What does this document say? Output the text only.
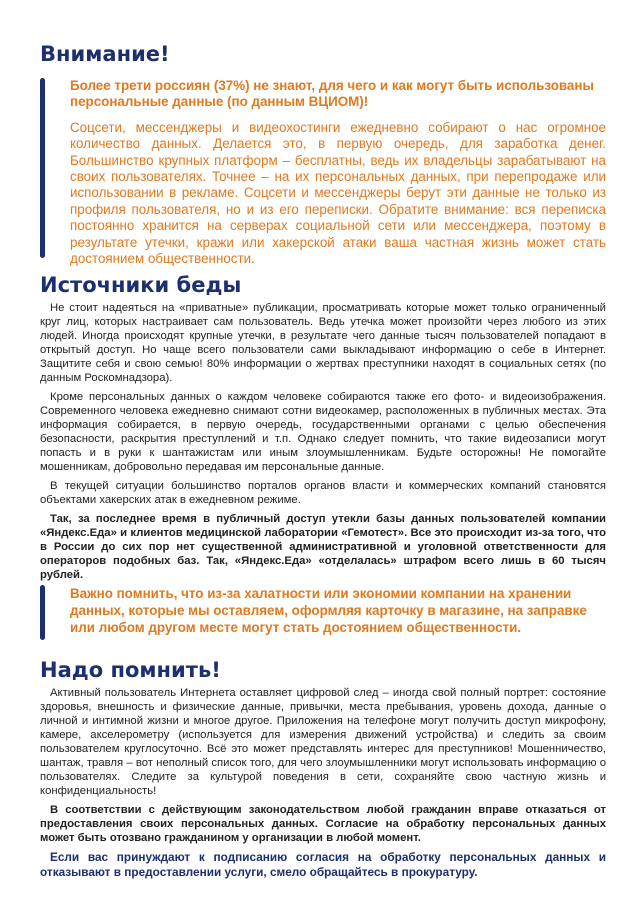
Внимание!

Более трети россиян (37%) не знают, для чего и как могут быть использованы персональные данные (по данным ВЦИОМ)!

Соцсети, мессенджеры и видеохостинги ежедневно собирают о нас огромное количество данных. Делается это, в первую очередь, для заработка денег. Большинство крупных платформ – бесплатны, ведь их владельцы зарабатывают на своих пользователях. Точнее – на их персональных данных, при перепродаже или использовании в рекламе. Соцсети и мессенджеры берут эти данные не только из профиля пользователя, но и из его переписки. Обратите внимание: вся переписка постоянно хранится на серверах социальной сети или мессенджера, поэтому в результате утечки, кражи или хакерской атаки ваша частная жизнь может стать достоянием общественности.

Источники беды

Не стоит надеяться на «приватные» публикации, просматривать которые может только ограниченный круг лиц, которых настраивает сам пользователь. Ведь утечка может произойти через любого из этих людей. Иногда происходят крупные утечки, в результате чего данные тысяч пользователей попадают в открытый доступ. Но чаще всего пользователи сами выкладывают информацию о себе в Интернет. Защитите себя и свою семью! 80% информации о жертвах преступники находят в социальных сетях (по данным Роскомнадзора).

Кроме персональных данных о каждом человеке собираются также его фото- и видеоизображения. Современного человека ежедневно снимают сотни видеокамер, расположенных в публичных местах. Эта информация собирается, в первую очередь, государственными органами с целью обеспечения безопасности, раскрытия преступлений и т.п. Однако следует помнить, что такие видеозаписи могут попасть и в руки к шантажистам или иным злоумышленникам. Будьте осторожны! Не помогайте мошенникам, добровольно передавая им персональные данные.

В текущей ситуации большинство порталов органов власти и коммерческих компаний становятся объектами хакерских атак в ежедневном режиме.

Так, за последнее время в публичный доступ утекли базы данных пользователей компании «Яндекс.Еда» и клиентов медицинской лаборатории «Гемотест». Все это происходит из-за того, что в России до сих пор нет существенной административной и уголовной ответственности для операторов подобных баз. Так, «Яндекс.Еда» «отделалась» штрафом всего лишь в 60 тысяч рублей.

Важно помнить, что из-за халатности или экономии компании на хранении данных, которые мы оставляем, оформляя карточку в магазине, на заправке или любом другом месте могут стать достоянием общественности.

Надо помнить!

Активный пользователь Интернета оставляет цифровой след – иногда свой полный портрет: состояние здоровья, внешность и физические данные, привычки, места пребывания, уровень дохода, данные о личной и интимной жизни и многое другое. Приложения на телефоне могут получить доступ микрофону, камере, акселерометру (используется для измерения движений устройства) и следить за своим пользователем круглосуточно. Всё это может представлять интерес для преступников! Мошенничество, шантаж, травля – вот неполный список того, для чего злоумышленники могут использовать информацию о пользователях. Следите за культурой поведения в сети, сохраняйте свою частную жизнь и конфиденциальность!

В соответствии с действующим законодательством любой гражданин вправе отказаться от предоставления своих персональных данных. Согласие на обработку персональных данных может быть отозвано гражданином у организации в любой момент.

Если вас принуждают к подписанию согласия на обработку персональных данных и отказывают в предоставлении услуги, смело обращайтесь в прокуратуру.
